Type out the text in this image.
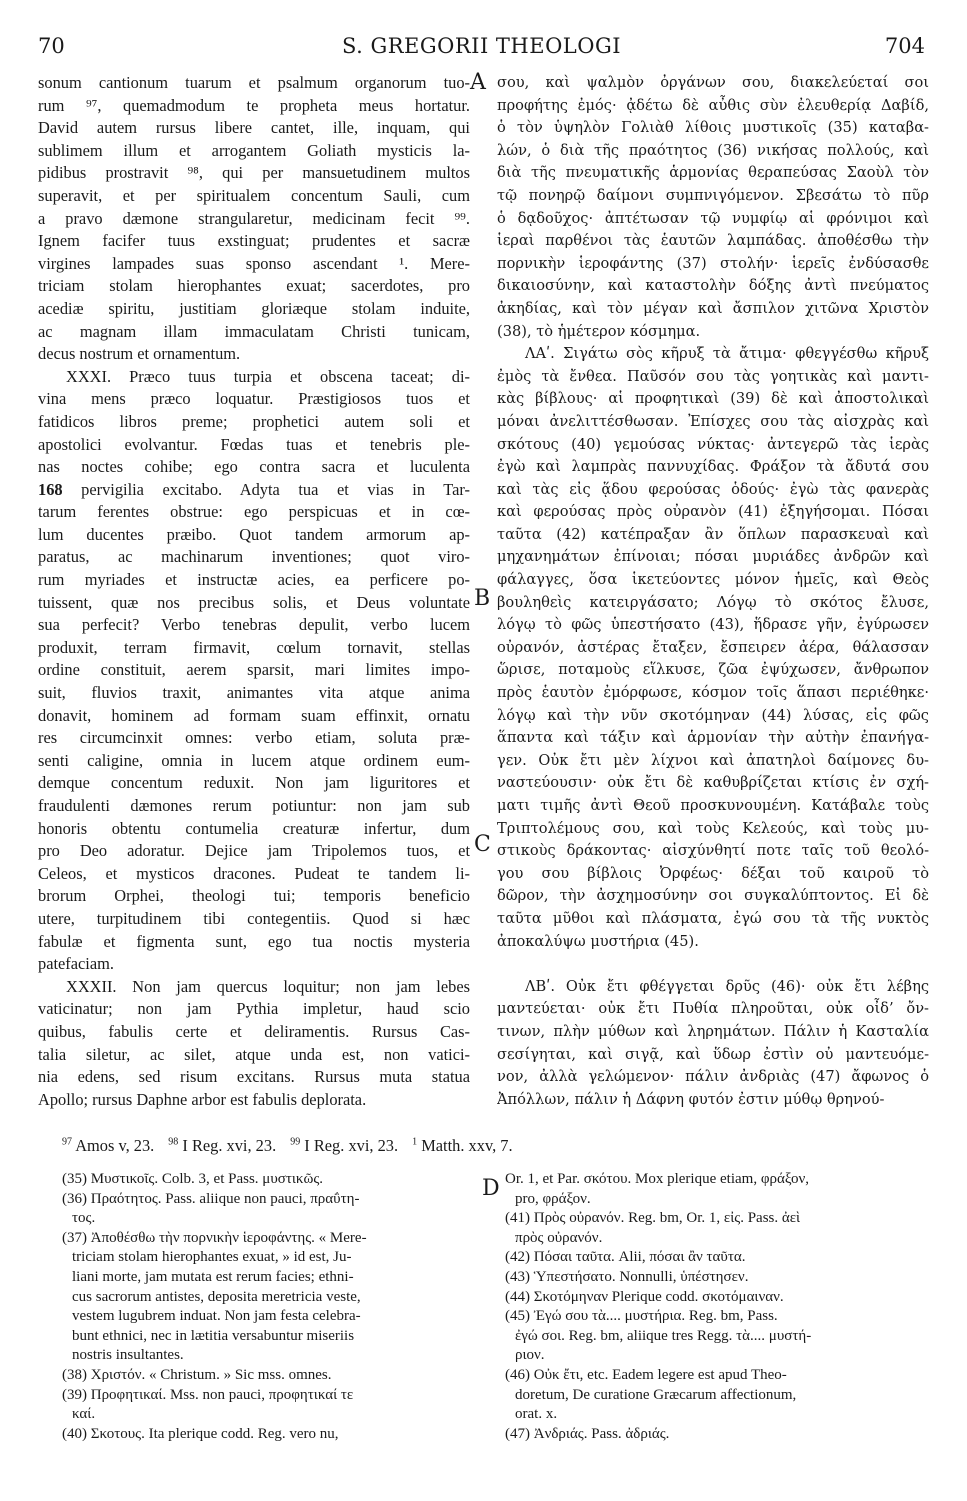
70	S. GREGORII THEOLOGI	704
A
B
C
D
sonum cantionum tuarum et psalmum organorum tuo-
rum ⁹⁷, quemadmodum te propheta meus hortatur.
David autem rursus libere cantet, ille, inquam, qui
sublimem illum et arrogantem Goliath mysticis la-
pidibus prostravit ⁹⁸, qui per mansuetudinem multos
superavit, et per spiritualem concentum Sauli, cum
a pravo dæmone strangularetur, medicinam fecit ⁹⁹.
Ignem facifer tuus exstinguat; prudentes et sacræ
virgines lampades suas sponso ascendant ¹. Mere-
triciam stolam hierophantes exuat; sacerdotes, pro
acediæ spiritu, justitiam gloriæque stolam induite,
ac magnam illam immaculatam Christi tunicam,
decus nostrum et ornamentum.
XXXI. Præco tuus turpia et obscena taceat; di-
vina mens præco loquatur. Præstigiosos tuos et
fatidicos libros preme; prophetici autem soli et
apostolici evolvantur. Fœdas tuas et tenebris ple-
nas noctes cohibe; ego contra sacra et luculenta
168 pervigilia excitabo. Adyta tua et vias in Tar-
tarum ferentes obstrue: ego perspicuas et in cœ-
lum ducentes præibo. Quot tandem armorum ap-
paratus, ac machinarum inventiones; quot viro-
rum myriades et instructæ acies, ea perficere po-
tuissent, quæ nos precibus solis, et Deus voluntate
sua perfecit? Verbo tenebras depulit, verbo lucem
produxit, terram firmavit, cœlum tornavit, stellas
ordine constituit, aerem sparsit, mari limites impo-
suit, fluvios traxit, animantes vita atque anima
donavit, hominem ad formam suam effinxit, ornatu
res circumcinxit omnes: verbo etiam, soluta præ-
senti caligine, omnia in lucem atque ordinem eum-
demque concentum reduxit. Non jam liguritores et
fraudulenti dæmones rerum potiuntur: non jam sub
honoris obtentu contumelia creaturæ infertur, dum
pro Deo adoratur. Dejice jam Tripolemos tuos, et
Celeos, et mysticos dracones. Pudeat te tandem li-
brorum Orphei, theologi tui; temporis beneficio
utere, turpitudinem tibi contegentiis. Quod si hæc
fabulæ et figmenta sunt, ego tua noctis mysteria
patefaciam.
XXXII. Non jam quercus loquitur; non jam lebes
vaticinatur; non jam Pythia impletur, haud scio
quibus, fabulis certe et deliramentis. Rursus Cas-
talia siletur, ac silet, atque unda est, non vatici-
nia edens, sed risum excitans. Rursus muta statua
Apollo; rursus Daphne arbor est fabulis deplorata.
σου, καὶ ψαλμὸν ὀργάνων σου, διακελεύεταί σοι
προφήτης ἐμός· ᾀδέτω δὲ αὖθις σὺν ἐλευθερίᾳ Δαβίδ,
ὁ τὸν ὑψηλὸν Γολιὰθ λίθοις μυστικοῖς (35) καταβα-
λών, ὁ διὰ τῆς πραότητος (36) νικήσας πολλούς, καὶ
διὰ τῆς πνευματικῆς ἁρμονίας θεραπεύσας Σαοὺλ τὸν
τῷ πονηρῷ δαίμονι συμπνιγόμενον. Σβεσάτω τὸ πῦρ
ὁ δᾳδοῦχος· ἀπτέτωσαν τῷ νυμφίῳ αἱ φρόνιμοι καὶ
ἱεραὶ παρθένοι τὰς ἑαυτῶν λαμπάδας. ἀποθέσθω τὴν
πορνικὴν ἱεροφάντης (37) στολήν· ἱερεῖς ἐνδύσασθε
δικαιοσύνην, καὶ καταστολὴν δόξης ἀντὶ πνεύματος
ἀκηδίας, καὶ τὸν μέγαν καὶ ἄσπιλον χιτῶνα Χριστὸν
(38), τὸ ἡμέτερον κόσμημα.
ΛΑʹ. Σιγάτω σὸς κῆρυξ τὰ ἄτιμα· φθεγγέσθω κῆρυξ
ἐμὸς τὰ ἔνθεα. Παῦσόν σου τὰς γοητικὰς καὶ μαντι-
κὰς βίβλους· αἱ προφητικαὶ (39) δὲ καὶ ἀποστολικαὶ
μόναι ἀνελιττέσθωσαν. Ἐπίσχες σου τὰς αἰσχρὰς καὶ
σκότους (40) γεμούσας νύκτας· ἀντεγερῶ τὰς ἱερὰς
ἐγὼ καὶ λαμπρὰς παννυχίδας. Φράξον τὰ ἄδυτά σου
καὶ τὰς εἰς ᾅδου φερούσας ὁδούς· ἐγὼ τὰς φανερὰς
καὶ φερούσας πρὸς οὐρανὸν (41) ἐξηγήσομαι. Πόσαι
ταῦτα (42) κατέπραξαν ἂν ὅπλων παρασκευαὶ καὶ
μηχανημάτων ἐπίνοιαι; πόσαι μυριάδες ἀνδρῶν καὶ
φάλαγγες, ὅσα ἱκετεύοντες μόνον ἡμεῖς, καὶ Θεὸς
βουληθεὶς κατειργάσατο; Λόγῳ τὸ σκότος ἔλυσε,
λόγῳ τὸ φῶς ὑπεστήσατο (43), ἥδρασε γῆν, ἐγύρωσεν
οὐρανόν, ἀστέρας ἔταξεν, ἔσπειρεν ἀέρα, θάλασσαν
ὥρισε, ποταμοὺς εἵλκυσε, ζῶα ἐψύχωσεν, ἄνθρωπον
πρὸς ἑαυτὸν ἐμόρφωσε, κόσμον τοῖς ἅπασι περιέθηκε·
λόγῳ καὶ τὴν νῦν σκοτόμηναν (44) λύσας, εἰς φῶς
ἅπαντα καὶ τάξιν καὶ ἁρμονίαν τὴν αὐτὴν ἐπανήγα-
γεν. Οὐκ ἔτι μὲν λίχνοι καὶ ἀπατηλοὶ δαίμονες δυ-
ναστεύουσιν· οὐκ ἔτι δὲ καθυβρίζεται κτίσις ἐν σχή-
ματι τιμῆς ἀντὶ Θεοῦ προσκυνουμένη. Κατάβαλε τοὺς
Τριπτολέμους σου, καὶ τοὺς Κελεούς, καὶ τοὺς μυ-
στικοὺς δράκοντας· αἰσχύνθητί ποτε ταῖς τοῦ θεολό-
γου σου βίβλοις Ὀρφέως· δέξαι τοῦ καιροῦ τὸ
δῶρον, τὴν ἀσχημοσύνην σοι συγκαλύπτοντος. Εἰ δὲ
ταῦτα μῦθοι καὶ πλάσματα, ἐγώ σου τὰ τῆς νυκτὸς
ἀποκαλύψω μυστήρια (45).
ΛΒʹ. Οὐκ ἔτι φθέγγεται δρῦς (46)· οὐκ ἔτι λέβης
μαντεύεται· οὐκ ἔτι Πυθία πληροῦται, οὐκ οἶδ’ ὄν-
τινων, πλὴν μύθων καὶ ληρημάτων. Πάλιν ἡ Κασταλία
σεσίγηται, καὶ σιγᾷ, καὶ ὕδωρ ἐστὶν οὐ μαντευόμε-
νον, ἀλλὰ γελώμενον· πάλιν ἀνδριὰς (47) ἄφωνος ὁ
Ἀπόλλων, πάλιν ἡ Δάφνη φυτόν ἐστιν μύθῳ θρηνού-
$^{97}$ Amos v, 23. $^{98}$ I Reg. xvi, 23. $^{99}$ I Reg. xvi, 23. $^1$ Matth. xxv, 7.
(35) Μυστικοῖς. Colb. 3, et Pass. μυστικῶς.
(36) Πραότητος. Pass. aliique non pauci, πραΰτη-
τος.
(37) Ἀποθέσθω τὴν πορνικὴν ἱεροφάντης. « Mere-
triciam stolam hierophantes exuat, » id est, Ju-
liani morte, jam mutata est rerum facies; ethni-
cus sacrorum antistes, deposita meretricia veste,
vestem lugubrem induat. Non jam festa celebra-
bunt ethnici, nec in lætitia versabuntur miseriis
nostris insultantes.
(38) Χριστόν. « Christum. » Sic mss. omnes.
(39) Προφητικαί. Mss. non pauci, προφητικαί τε
καί.
(40) Σκοτους. Ita plerique codd. Reg. vero nu,
Or. 1, et Par. σκότου. Mox plerique etiam, φράξον,
pro, φράξον.
(41) Πρὸς οὐρανόν. Reg. bm, Or. 1, εἰς. Pass. ἀεὶ
πρὸς οὐρανόν.
(42) Πόσαι ταῦτα. Alii, πόσαι ἂν ταῦτα.
(43) Ὑπεστήσατο. Nonnulli, ὑπέστησεν.
(44) Σκοτόμηναν Plerique codd. σκοτόμαιναν.
(45) Ἐγώ σου τὰ.... μυστήρια. Reg. bm, Pass.
ἐγώ σοι. Reg. bm, aliique tres Regg. τὰ.... μυστή-
ριον.
(46) Οὐκ ἔτι, etc. Eadem legere est apud Theo-
doretum, De curatione Græcarum affectionum,
orat. x.
(47) Ἀνδριάς. Pass. ἀδριάς.
